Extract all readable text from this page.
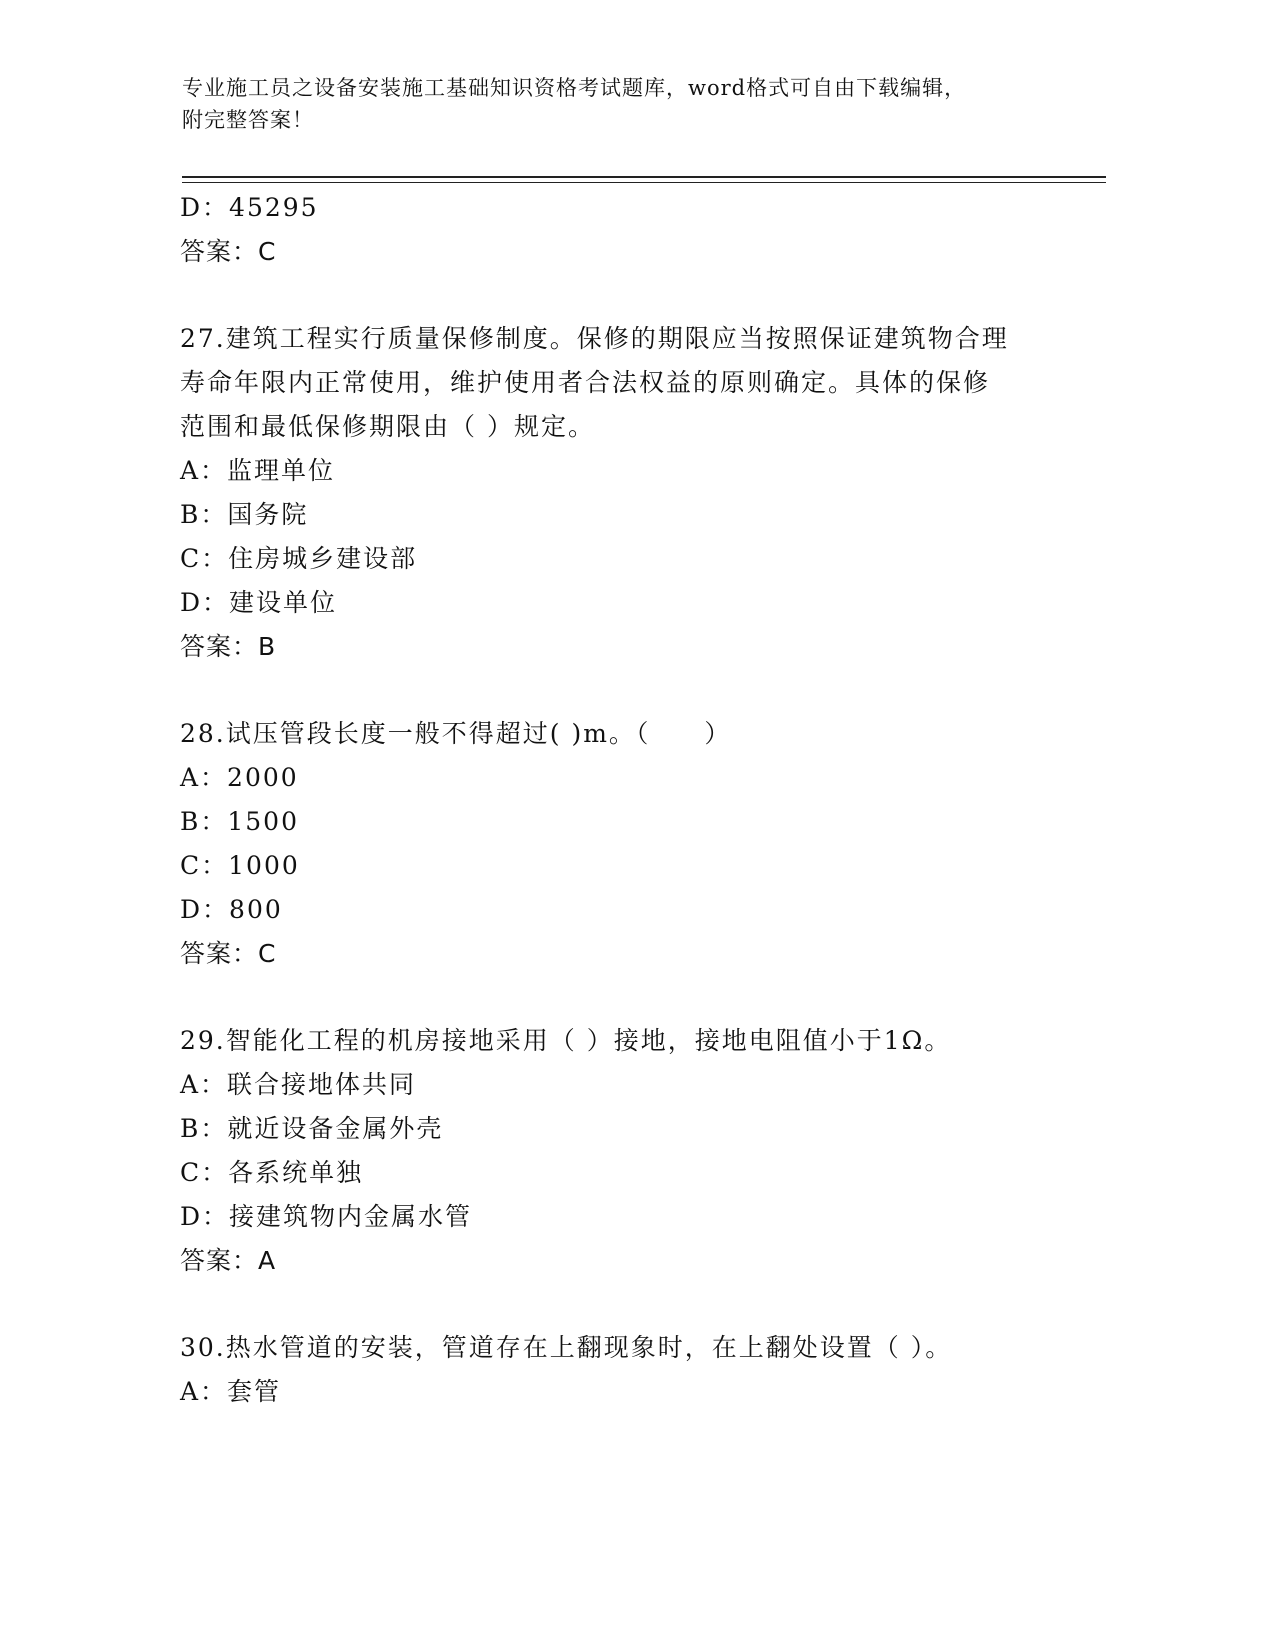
专业施工员之设备安装施工基础知识资格考试题库，word格式可自由下载编辑，
附完整答案！
D：45295
答案：C
27.建筑工程实行质量保修制度。保修的期限应当按照保证建筑物合理
寿命年限内正常使用，维护使用者合法权益的原则确定。具体的保修
范围和最低保修期限由（ ）规定。
A：监理单位
B：国务院
C：住房城乡建设部
D：建设单位
答案：B
28.试压管段长度一般不得超过( )m。（　　）
A：2000
B：1500
C：1000
D：800
答案：C
29.智能化工程的机房接地采用（ ）接地，接地电阻值小于1Ω。
A：联合接地体共同
B：就近设备金属外壳
C：各系统单独
D：接建筑物内金属水管
答案：A
30.热水管道的安装，管道存在上翻现象时，在上翻处设置（ ）。
A：套管
